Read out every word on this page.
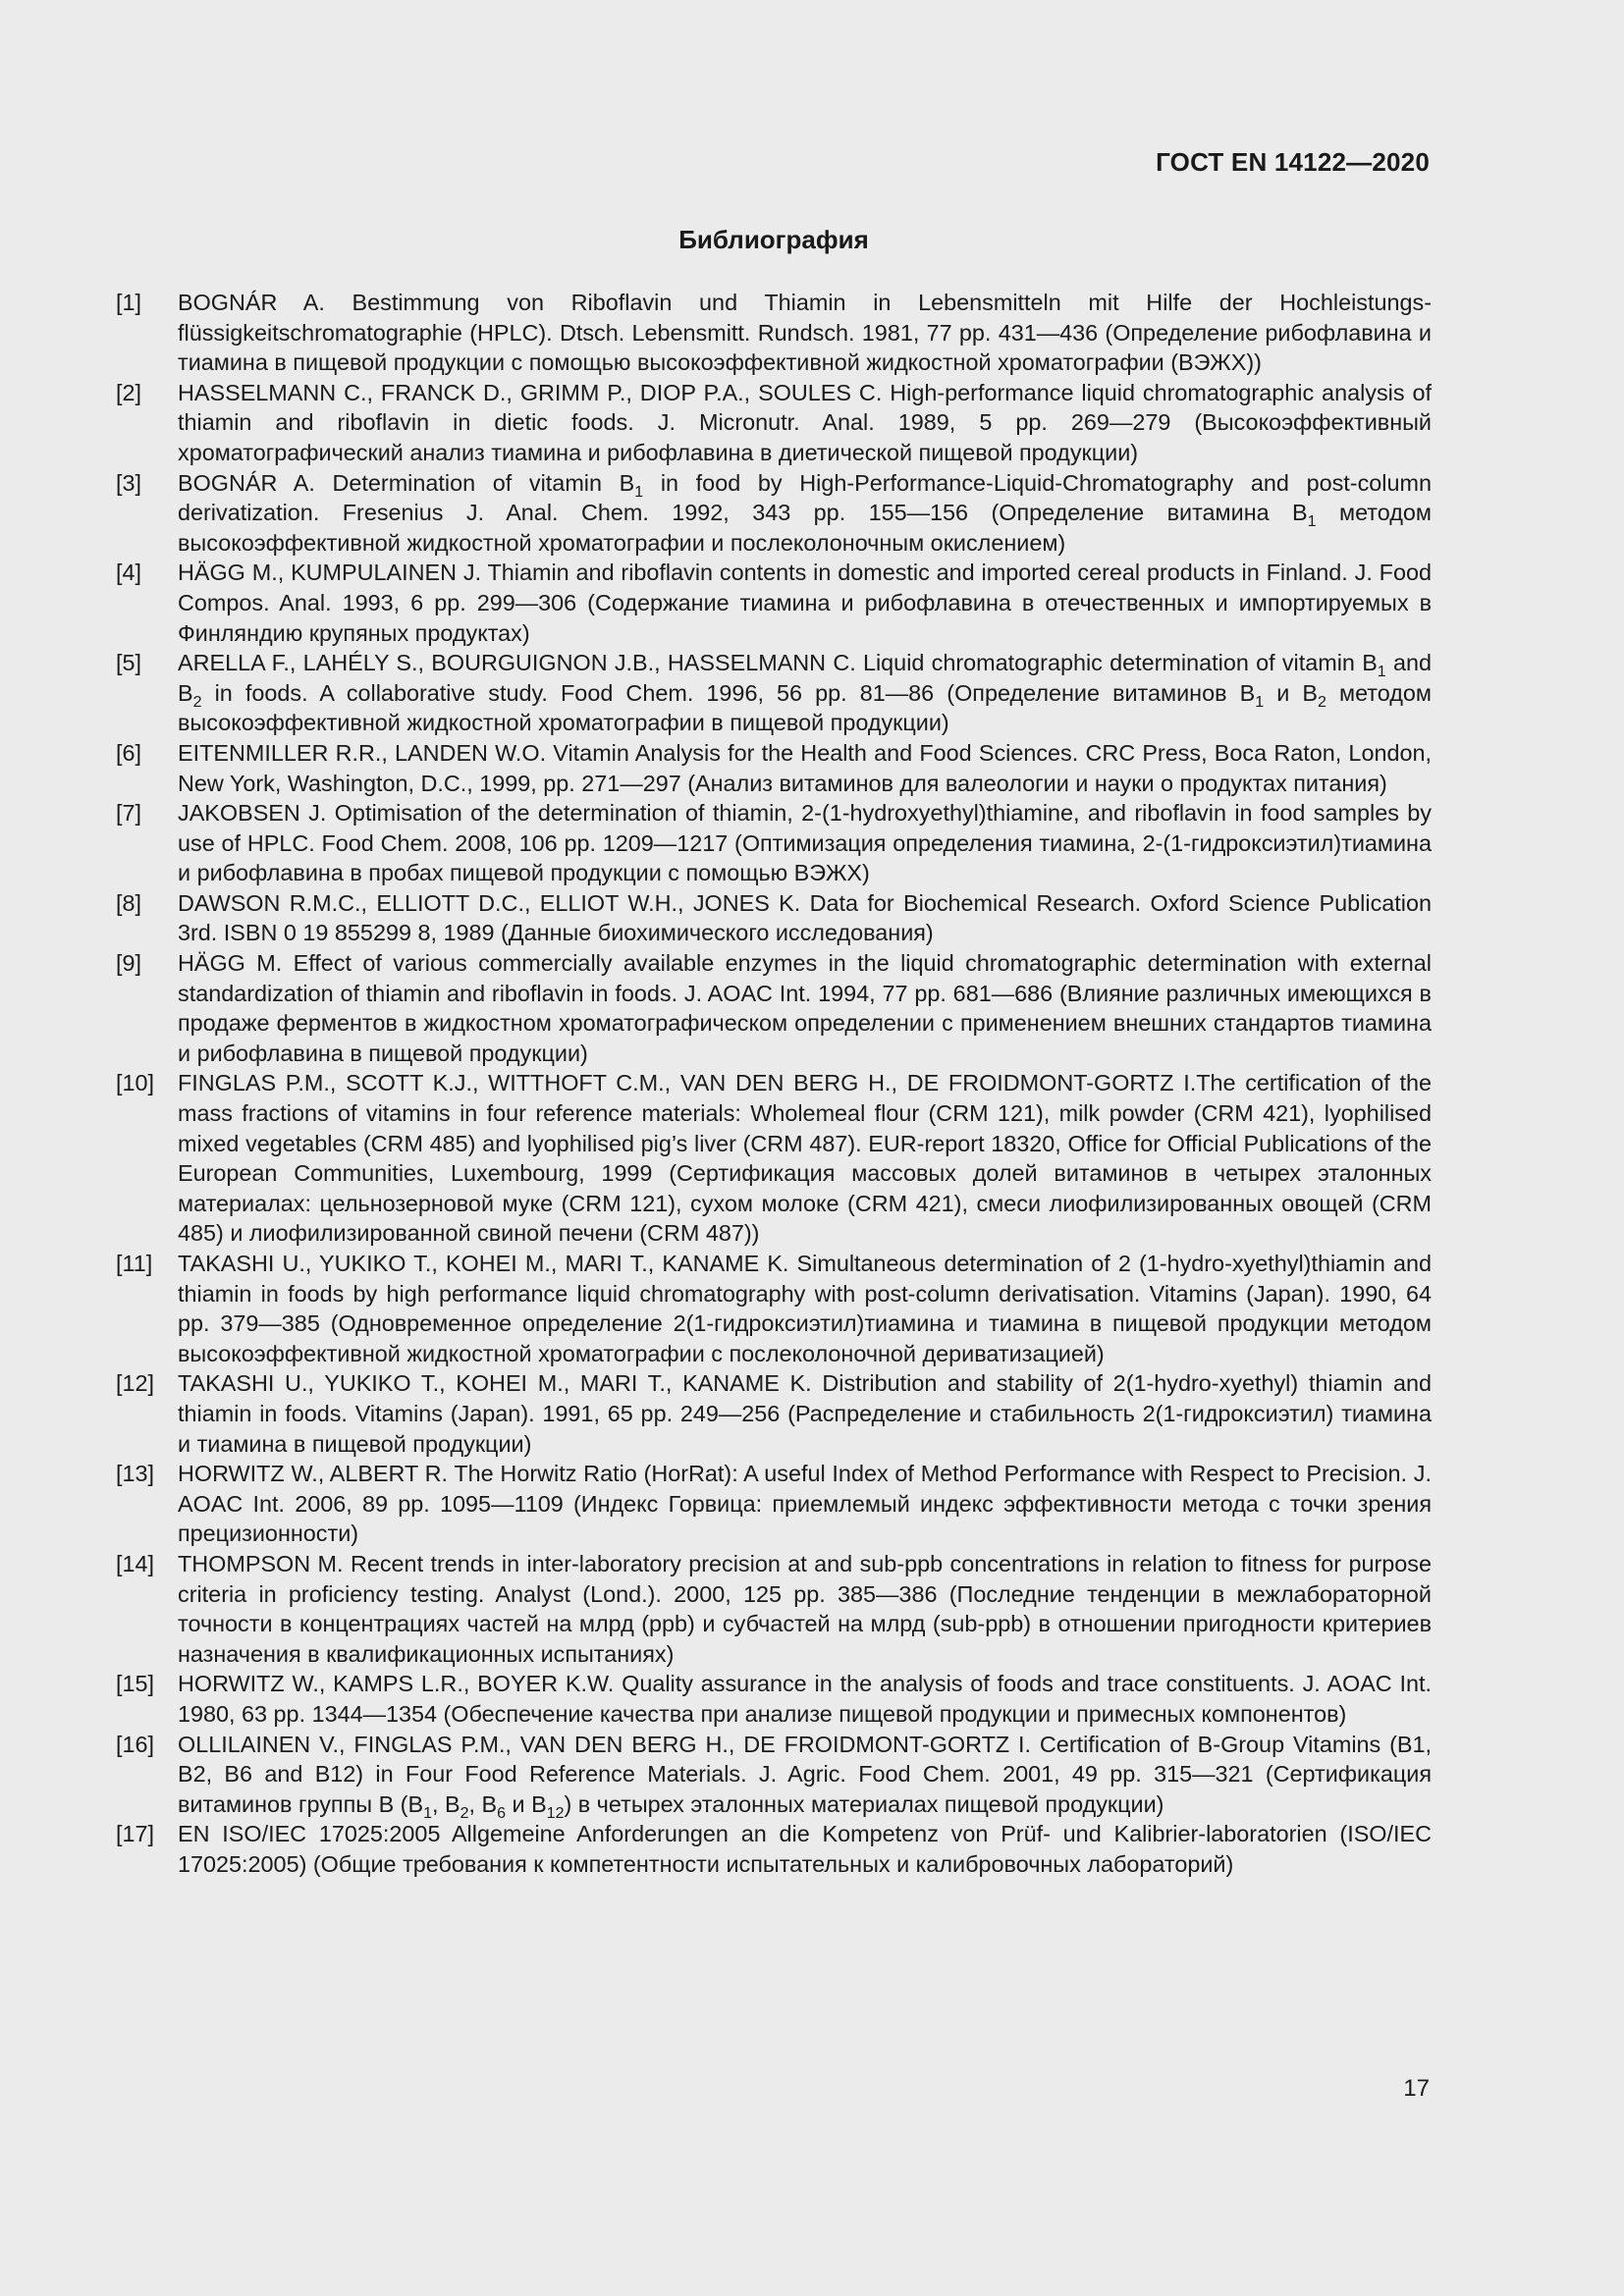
ГОСТ EN 14122—2020
Библиография
[1]	BOGNÁR A. Bestimmung von Riboflavin und Thiamin in Lebensmitteln mit Hilfe der Hochleistungs-flüssigkeitschromatographie (HPLC). Dtsch. Lebensmitt. Rundsch. 1981, 77 pp. 431—436 (Определение рибофлавина и тиамина в пищевой продукции с помощью высокоэффективной жидкостной хроматографии (ВЭЖХ))
[2]	HASSELMANN C., FRANCK D., GRIMM P., DIOP P.A., SOULES C. High-performance liquid chromatographic analysis of thiamin and riboflavin in dietic foods. J. Micronutr. Anal. 1989, 5 pp. 269—279 (Высокоэффективный хроматографический анализ тиамина и рибофлавина в диетической пищевой продукции)
[3]	BOGNÁR A. Determination of vitamin $B_1$ in food by High-Performance-Liquid-Chromatography and post-column derivatization. Fresenius J. Anal. Chem. 1992, 343 pp. 155—156 (Определение витамина $B_1$ методом высокоэффективной жидкостной хроматографии и послеколоночным окислением)
[4]	HÄGG M., KUMPULAINEN J. Thiamin and riboflavin contents in domestic and imported cereal products in Finland. J. Food Compos. Anal. 1993, 6 pp. 299—306 (Содержание тиамина и рибофлавина в отечественных и импортируемых в Финляндию крупяных продуктах)
[5]	ARELLA F., LAHÉLY S., BOURGUIGNON J.B., HASSELMANN C. Liquid chromatographic determination of vitamin $B_1$ and $B_2$ in foods. A collaborative study. Food Chem. 1996, 56 pp. 81—86 (Определение витаминов $B_1$ и $B_2$ методом высокоэффективной жидкостной хроматографии в пищевой продукции)
[6]	EITENMILLER R.R., LANDEN W.O. Vitamin Analysis for the Health and Food Sciences. CRC Press, Boca Raton, London, New York, Washington, D.C., 1999, pp. 271—297 (Анализ витаминов для валеологии и науки о продуктах питания)
[7]	JAKOBSEN J. Optimisation of the determination of thiamin, 2-(1-hydroxyethyl)thiamine, and riboflavin in food samples by use of HPLC. Food Chem. 2008, 106 pp. 1209—1217 (Оптимизация определения тиамина, 2-(1-гидроксиэтил)тиамина и рибофлавина в пробах пищевой продукции с помощью ВЭЖХ)
[8]	DAWSON R.M.C., ELLIOTT D.C., ELLIOT W.H., JONES K. Data for Biochemical Research. Oxford Science Publication 3rd. ISBN 0 19 855299 8, 1989 (Данные биохимического исследования)
[9]	HÄGG M. Effect of various commercially available enzymes in the liquid chromatographic determination with external standardization of thiamin and riboflavin in foods. J. AOAC Int. 1994, 77 pp. 681—686 (Влияние различных имеющихся в продаже ферментов в жидкостном хроматографическом определении с применением внешних стандартов тиамина и рибофлавина в пищевой продукции)
[10]	FINGLAS P.M., SCOTT K.J., WITTHOFT C.M., VAN DEN BERG H., DE FROIDMONT-GORTZ I.The certification of the mass fractions of vitamins in four reference materials: Wholemeal flour (CRM 121), milk powder (CRM 421), lyophilised mixed vegetables (CRM 485) and lyophilised pig’s liver (CRM 487). EUR-report 18320, Office for Official Publications of the European Communities, Luxembourg, 1999 (Сертификация массовых долей витаминов в четырех эталонных материалах: цельнозерновой муке (CRM 121), сухом молоке (CRM 421), смеси лиофилизированных овощей (CRM 485) и лиофилизированной свиной печени (CRM 487))
[11]	TAKASHI U., YUKIKO T., KOHEI M., MARI T., KANAME K. Simultaneous determination of 2 (1-hydro-xyethyl)thiamin and thiamin in foods by high performance liquid chromatography with post-column derivatisation. Vitamins (Japan). 1990, 64 pp. 379—385 (Одновременное определение 2(1-гидроксиэтил)тиамина и тиамина в пищевой продукции методом высокоэффективной жидкостной хроматографии с послеколоночной дериватизацией)
[12]	TAKASHI U., YUKIKO T., KOHEI M., MARI T., KANAME K. Distribution and stability of 2(1-hydro-xyethyl) thiamin and thiamin in foods. Vitamins (Japan). 1991, 65 pp. 249—256 (Распределение и стабильность 2(1-гидроксиэтил) тиамина и тиамина в пищевой продукции)
[13]	HORWITZ W., ALBERT R. The Horwitz Ratio (HorRat): A useful Index of Method Performance with Respect to Precision. J. AOAC Int. 2006, 89 pp. 1095—1109 (Индекс Горвица: приемлемый индекс эффективности метода с точки зрения прецизионности)
[14]	THOMPSON M. Recent trends in inter-laboratory precision at and sub-ppb concentrations in relation to fitness for purpose criteria in proficiency testing. Analyst (Lond.). 2000, 125 pp. 385—386 (Последние тенденции в межлабораторной точности в концентрациях частей на млрд (ppb) и субчастей на млрд (sub-ppb) в отношении пригодности критериев назначения в квалификационных испытаниях)
[15]	HORWITZ W., KAMPS L.R., BOYER K.W. Quality assurance in the analysis of foods and trace constituents. J. AOAC Int. 1980, 63 pp. 1344—1354 (Обеспечение качества при анализе пищевой продукции и примесных компонентов)
[16]	OLLILAINEN V., FINGLAS P.M., VAN DEN BERG H., DE FROIDMONT-GORTZ I. Certification of B-Group Vitamins (B1, B2, B6 and B12) in Four Food Reference Materials. J. Agric. Food Chem. 2001, 49 pp. 315—321 (Сертификация витаминов группы B ($B_1$, $B_2$, $B_6$ и $B_{12}$) в четырех эталонных материалах пищевой продукции)
[17]	EN ISO/IEC 17025:2005 Allgemeine Anforderungen an die Kompetenz von Prüf- und Kalibrier-laboratorien (ISO/IEC 17025:2005) (Общие требования к компетентности испытательных и калибровочных лабораторий)
17
